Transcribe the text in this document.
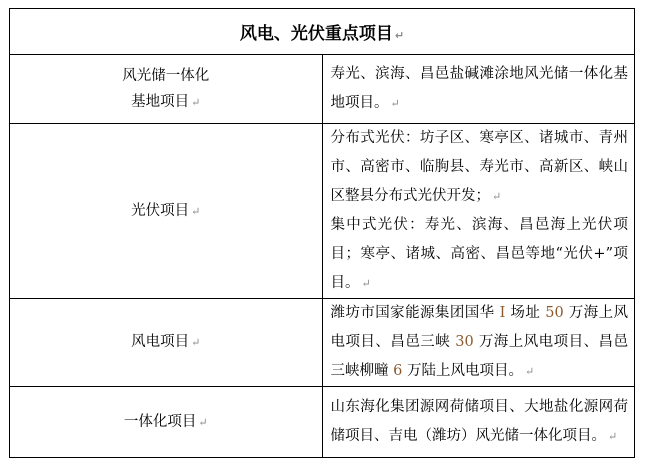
风电、光伏重点项目 ↵	
风光储一体化
基地项目 ↵	寿光、滨海、昌邑盐碱滩涂地风光储一体化基地项目。 ↵
光伏项目 ↵	分布式光伏：坊子区、寒亭区、诸城市、青州市、高密市、临朐县、寿光市、高新区、峡山区整县分布式光伏开发； ↵
集中式光伏：寿光、滨海、昌邑海上光伏项目；寒亭、诸城、高密、昌邑等地“光伏+”项目。 ↵

风电项目 ↵	潍坊市国家能源集团国华 I 场址 50 万海上风电项目、昌邑三峡 30 万海上风电项目、昌邑三峡柳疃 6 万陆上风电项目。 ↵
一体化项目 ↵	山东海化集团源网荷储项目、大地盐化源网荷储项目、吉电（潍坊）风光储一体化项目。 ↵
